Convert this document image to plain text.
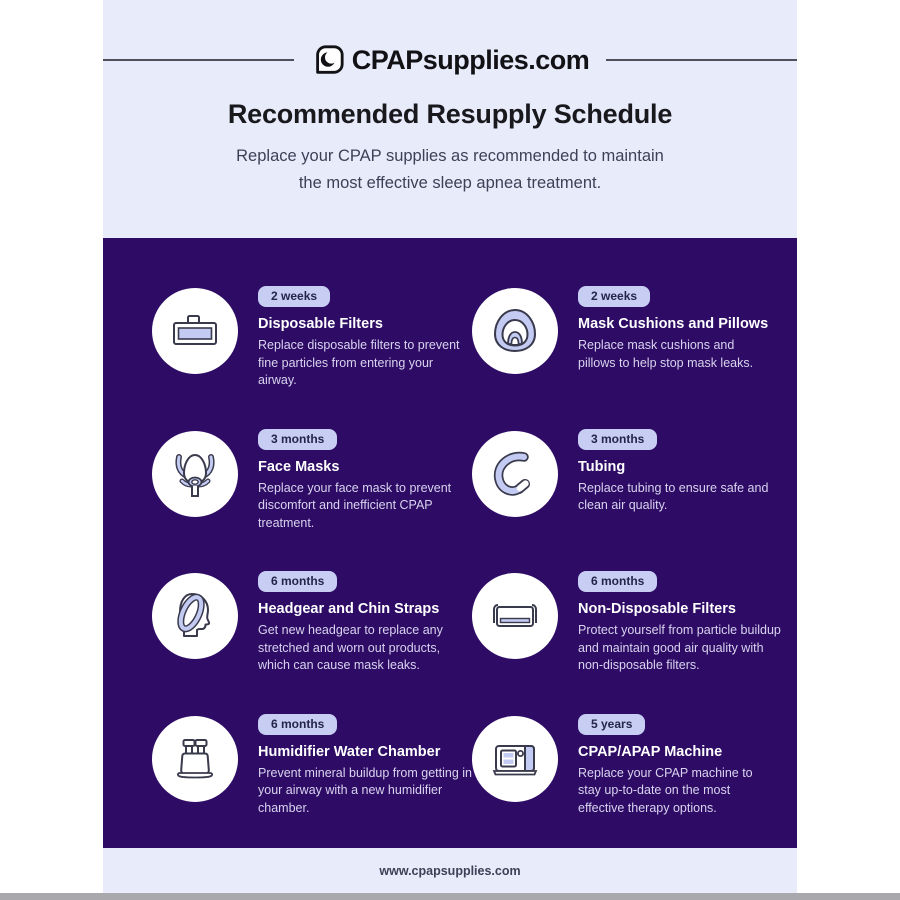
CPAPsupplies.com
Recommended Resupply Schedule
Replace your CPAP supplies as recommended to maintain
the most effective sleep apnea treatment.
2 weeks
Disposable Filters
Replace disposable filters to prevent fine particles from entering your airway.
2 weeks
Mask Cushions and Pillows
Replace mask cushions and pillows to help stop mask leaks.
3 months
Face Masks
Replace your face mask to prevent discomfort and inefficient CPAP treatment.
3 months
Tubing
Replace tubing to ensure safe and clean air quality.
6 months
Headgear and Chin Straps
Get new headgear to replace any stretched and worn out products, which can cause mask leaks.
6 months
Non-Disposable Filters
Protect yourself from particle buildup and maintain good air quality with non-disposable filters.
6 months
Humidifier Water Chamber
Prevent mineral buildup from getting in your airway with a new humidifier chamber.
5 years
CPAP/APAP Machine
Replace your CPAP machine to stay up-to-date on the most effective therapy options.
www.cpapsupplies.com
